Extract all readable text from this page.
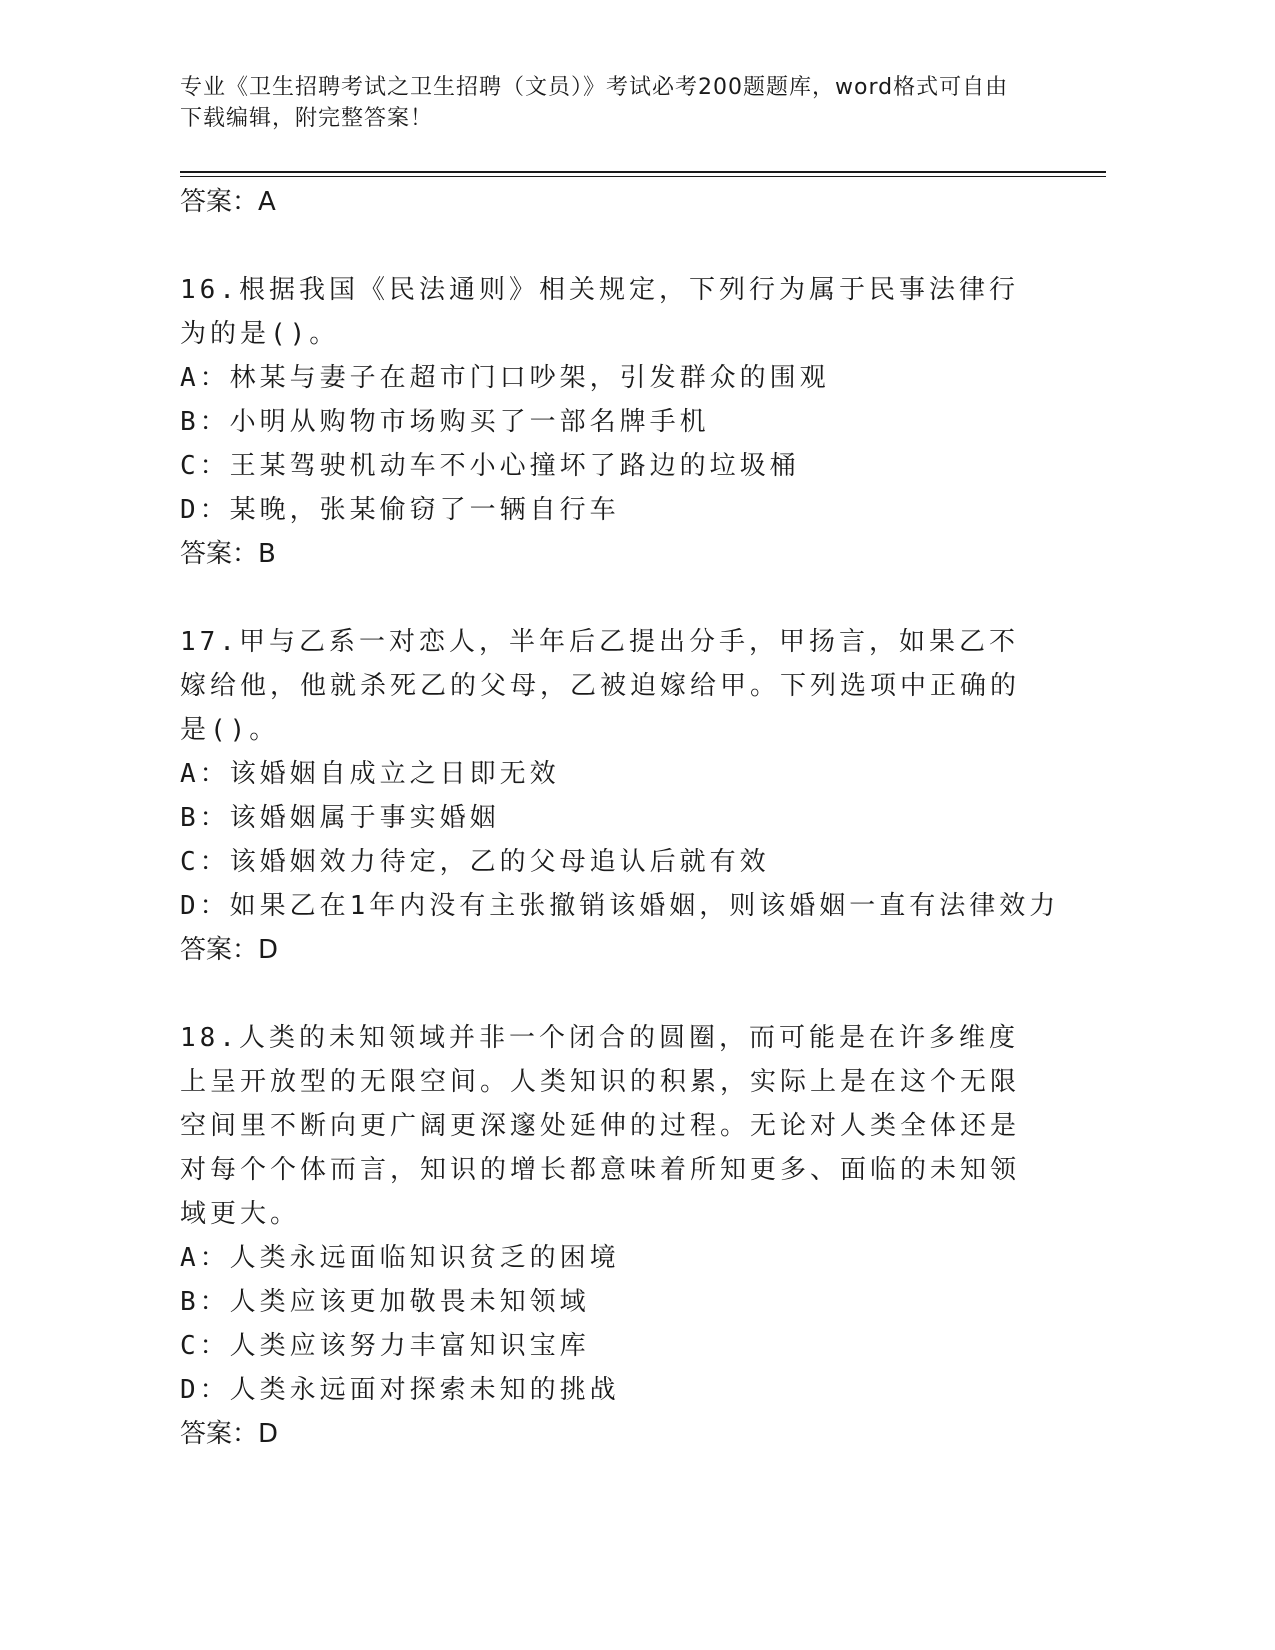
专业《卫生招聘考试之卫生招聘（文员）》考试必考200题题库，word格式可自由下载编辑，附完整答案！
答案：A
16.根据我国《民法通则》相关规定，下列行为属于民事法律行为的是()。
A：林某与妻子在超市门口吵架，引发群众的围观
B：小明从购物市场购买了一部名牌手机
C：王某驾驶机动车不小心撞坏了路边的垃圾桶
D：某晚，张某偷窃了一辆自行车
答案：B
17.甲与乙系一对恋人，半年后乙提出分手，甲扬言，如果乙不嫁给他，他就杀死乙的父母，乙被迫嫁给甲。下列选项中正确的是()。
A：该婚姻自成立之日即无效
B：该婚姻属于事实婚姻
C：该婚姻效力待定，乙的父母追认后就有效
D：如果乙在1年内没有主张撤销该婚姻，则该婚姻一直有法律效力
答案：D
18.人类的未知领域并非一个闭合的圆圈，而可能是在许多维度上呈开放型的无限空间。人类知识的积累，实际上是在这个无限空间里不断向更广阔更深邃处延伸的过程。无论对人类全体还是对每个个体而言，知识的增长都意味着所知更多、面临的未知领域更大。
A：人类永远面临知识贫乏的困境
B：人类应该更加敬畏未知领域
C：人类应该努力丰富知识宝库
D：人类永远面对探索未知的挑战
答案：D
